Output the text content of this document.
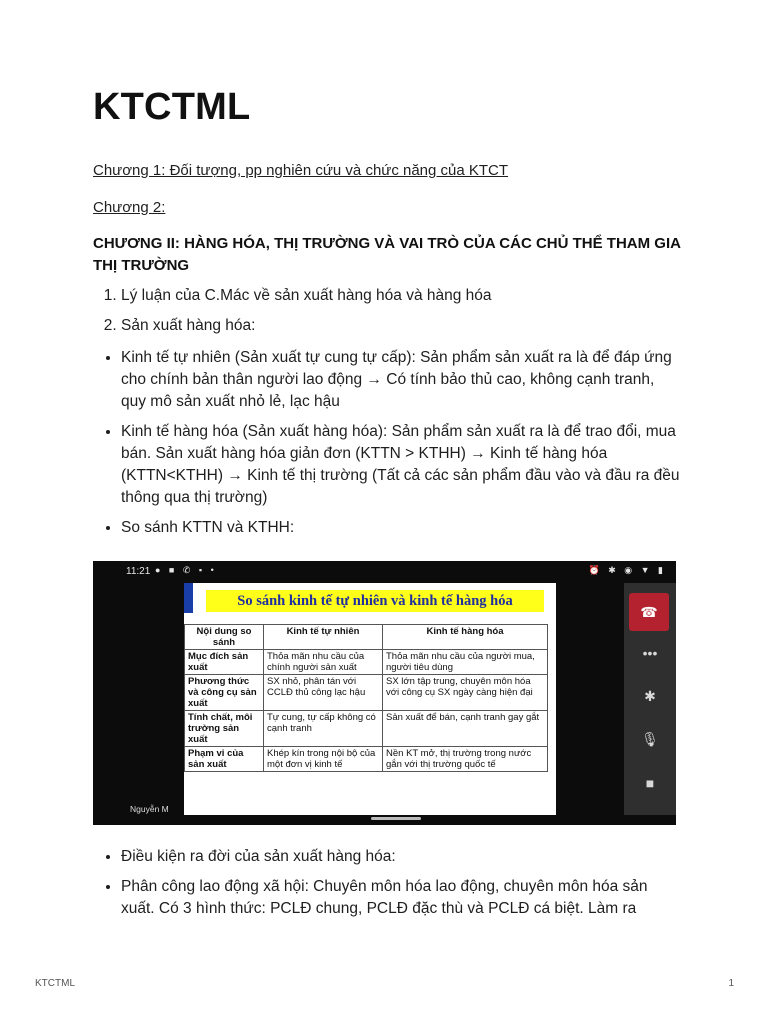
KTCTML
Chương 1: Đối tượng, pp nghiên cứu và chức năng của KTCT
Chương 2:

CHƯƠNG II: HÀNG HÓA, THỊ TRƯỜNG VÀ VAI TRÒ CỦA CÁC CHỦ THỂ THAM GIA THỊ TRƯỜNG

1. Lý luận của C.Mác về sản xuất hàng hóa và hàng hóa
2. Sản xuất hàng hóa:
• Kinh tế tự nhiên (Sản xuất tự cung tự cấp): Sản phẩm sản xuất ra là để đáp ứng cho chính bản thân người lao động → Có tính bảo thủ cao, không cạnh tranh, quy mô sản xuất nhỏ lẻ, lạc hậu
• Kinh tế hàng hóa (Sản xuất hàng hóa): Sản phẩm sản xuất ra là để trao đổi, mua bán. Sản xuất hàng hóa giản đơn (KTTN > KTHH) → Kinh tế hàng hóa (KTTN<KTHH) → Kinh tế thị trường (Tất cả các sản phẩm đầu vào và đầu ra đều thông qua thị trường)
• So sánh KTTN và KTHH:
• Điều kiện ra đời của sản xuất hàng hóa:
• Phân công lao động xã hội: Chuyên môn hóa lao động, chuyên môn hóa sản xuất. Có 3 hình thức: PCLĐ chung, PCLĐ đặc thù và PCLĐ cá biệt. Làm ra
11:21 ● ■ ✆ ▪ •	⏰ ✱ ◉ ▼ ▮
So sánh kinh tế tự nhiên và kinh tế hàng hóa
Nội dung so sánh	Kinh tế tự nhiên	Kinh tế hàng hóa
Mục đích sản xuất	Thỏa mãn nhu cầu của chính người sản xuất	Thỏa mãn nhu cầu của người mua, người tiêu dùng
Phương thức và công cụ sản xuất	SX nhỏ, phân tán với CCLĐ thủ công lạc hậu	SX lớn tập trung, chuyên môn hóa với công cụ SX ngày càng hiện đại
Tính chất, môi trường sản xuất	Tự cung, tự cấp không có cạnh tranh	Sản xuất để bán, cạnh tranh gay gắt
Phạm vi của sản xuất	Khép kín trong nội bộ của một đơn vị kinh tế	Nền KT mở, thị trường trong nước gắn với thị trường quốc tế
☎
•••
✱
🎙
■
Nguyễn M
KTCTML	1
